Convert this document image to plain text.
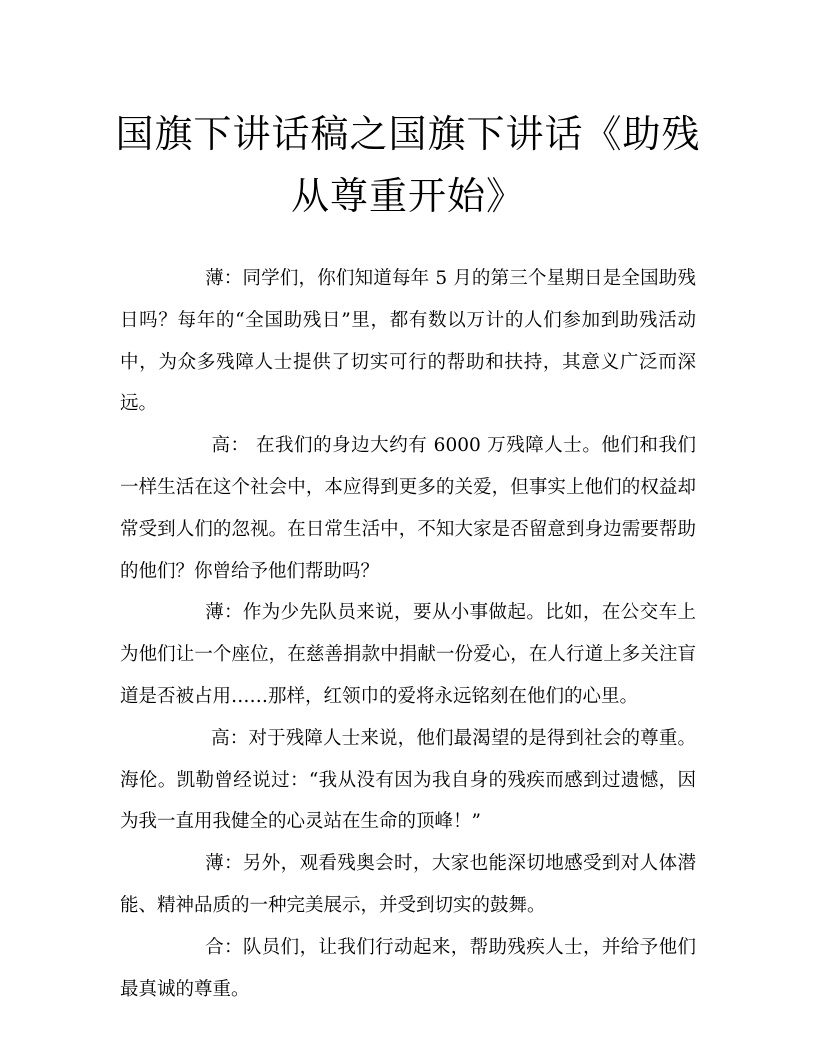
国旗下讲话稿之国旗下讲话《助残从尊重开始》

薄：同学们，你们知道每年 5 月的第三个星期日是全国助残日吗？每年的“全国助残日”里，都有数以万计的人们参加到助残活动中，为众多残障人士提供了切实可行的帮助和扶持，其意义广泛而深远。

高： 在我们的身边大约有 6000 万残障人士。他们和我们一样生活在这个社会中，本应得到更多的关爱，但事实上他们的权益却常受到人们的忽视。在日常生活中，不知大家是否留意到身边需要帮助的他们？你曾给予他们帮助吗？

薄：作为少先队员来说，要从小事做起。比如，在公交车上为他们让一个座位，在慈善捐款中捐献一份爱心，在人行道上多关注盲道是否被占用……那样，红领巾的爱将永远铭刻在他们的心里。

高：对于残障人士来说，他们最渴望的是得到社会的尊重。海伦。凯勒曾经说过：“我从没有因为我自身的残疾而感到过遗憾，因为我一直用我健全的心灵站在生命的顶峰！”

薄：另外，观看残奥会时，大家也能深切地感受到对人体潜能、精神品质的一种完美展示，并受到切实的鼓舞。

合：队员们，让我们行动起来，帮助残疾人士，并给予他们最真诚的尊重。
